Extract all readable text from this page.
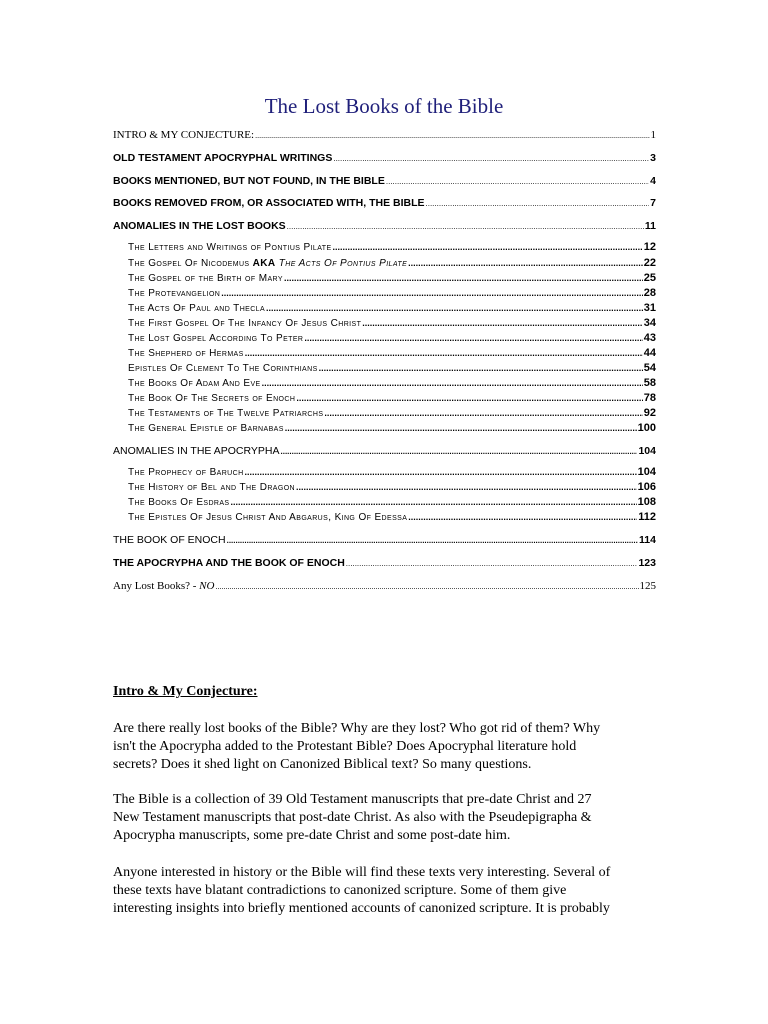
The Lost Books of the Bible
INTRO & MY CONJECTURE: .....	1
OLD TESTAMENT APOCRYPHAL WRITINGS .....	3
BOOKS MENTIONED, BUT NOT FOUND, IN THE BIBLE .....	4
BOOKS REMOVED FROM, OR ASSOCIATED WITH, THE BIBLE .....	7
ANOMALIES IN THE LOST BOOKS .....	11
The Letters and Writings of Pontius Pilate .....	12
The Gospel Of Nicodemus AKA The Acts Of Pontius Pilate .....	22
The Gospel of the Birth of Mary .....	25
The Protevangelion .....	28
The Acts Of Paul and Thecla .....	31
The First Gospel Of The Infancy Of Jesus Christ .....	34
The Lost Gospel According To Peter .....	43
The Shepherd of Hermas .....	44
Epistles Of Clement To The Corinthians .....	54
The Books Of Adam And Eve .....	58
The Book Of The Secrets of Enoch .....	78
The Testaments of The Twelve Patriarchs .....	92
The General Epistle of Barnabas .....	100
ANOMALIES IN THE APOCRYPHA .....	104
The Prophecy of Baruch .....	104
The History of Bel and The Dragon .....	106
The Books Of Esdras .....	108
The Epistles Of Jesus Christ And Abgarus, King Of Edessa .....	112
THE BOOK OF ENOCH .....	114
THE APOCRYPHA AND THE BOOK OF ENOCH .....	123
Any Lost Books? - NO .....	125
Intro & My Conjecture:
Are there really lost books of the Bible? Why are they lost? Who got rid of them? Why
isn't the Apocrypha added to the Protestant Bible? Does Apocryphal literature hold
secrets? Does it shed light on Canonized Biblical text? So many questions.
The Bible is a collection of 39 Old Testament manuscripts that pre-date Christ and 27
New Testament manuscripts that post-date Christ. As also with the Pseudepigrapha &
Apocrypha manuscripts, some pre-date Christ and some post-date him.
Anyone interested in history or the Bible will find these texts very interesting. Several of
these texts have blatant contradictions to canonized scripture. Some of them give
interesting insights into briefly mentioned accounts of canonized scripture. It is probably
